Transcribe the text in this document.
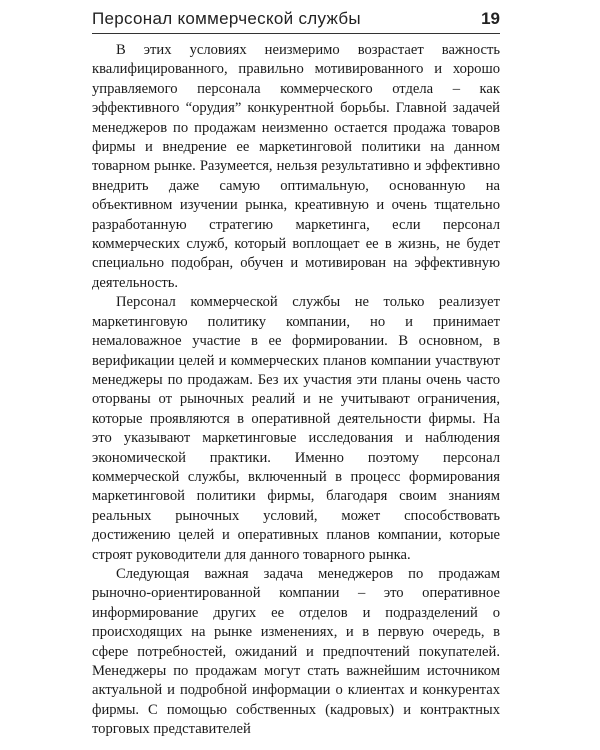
Персонал коммерческой службы	19

В этих условиях неизмеримо возрастает важность квалифицированного, правильно мотивированного и хорошо управляемого персонала коммерческого отдела – как эффективного “орудия” конкурентной борьбы. Главной задачей менеджеров по продажам неизменно остается продажа товаров фирмы и внедрение ее маркетинговой политики на данном товарном рынке. Разумеется, нельзя результативно и эффективно внедрить даже самую оптимальную, основанную на объективном изучении рынка, креативную и очень тщательно разработанную стратегию маркетинга, если персонал коммерческих служб, который воплощает ее в жизнь, не будет специально подобран, обучен и мотивирован на эффективную деятельность.

Персонал коммерческой службы не только реализует маркетинговую политику компании, но и принимает немаловажное участие в ее формировании. В основном, в верификации целей и коммерческих планов компании участвуют менеджеры по продажам. Без их участия эти планы очень часто оторваны от рыночных реалий и не учитывают ограничения, которые проявляются в оперативной деятельности фирмы. На это указывают маркетинговые исследования и наблюдения экономической практики. Именно поэтому персонал коммерческой службы, включенный в процесс формирования маркетинговой политики фирмы, благодаря своим знаниям реальных рыночных условий, может способствовать достижению целей и оперативных планов компании, которые строят руководители для данного товарного рынка.

Следующая важная задача менеджеров по продажам рыночно-ориентированной компании – это оперативное информирование других ее отделов и подразделений о происходящих на рынке изменениях, и в первую очередь, в сфере потребностей, ожиданий и предпочтений покупателей. Менеджеры по продажам могут стать важнейшим источником актуальной и подробной информации о клиентах и конкурентах фирмы. С помощью собственных (кадровых) и контрактных торговых представителей
